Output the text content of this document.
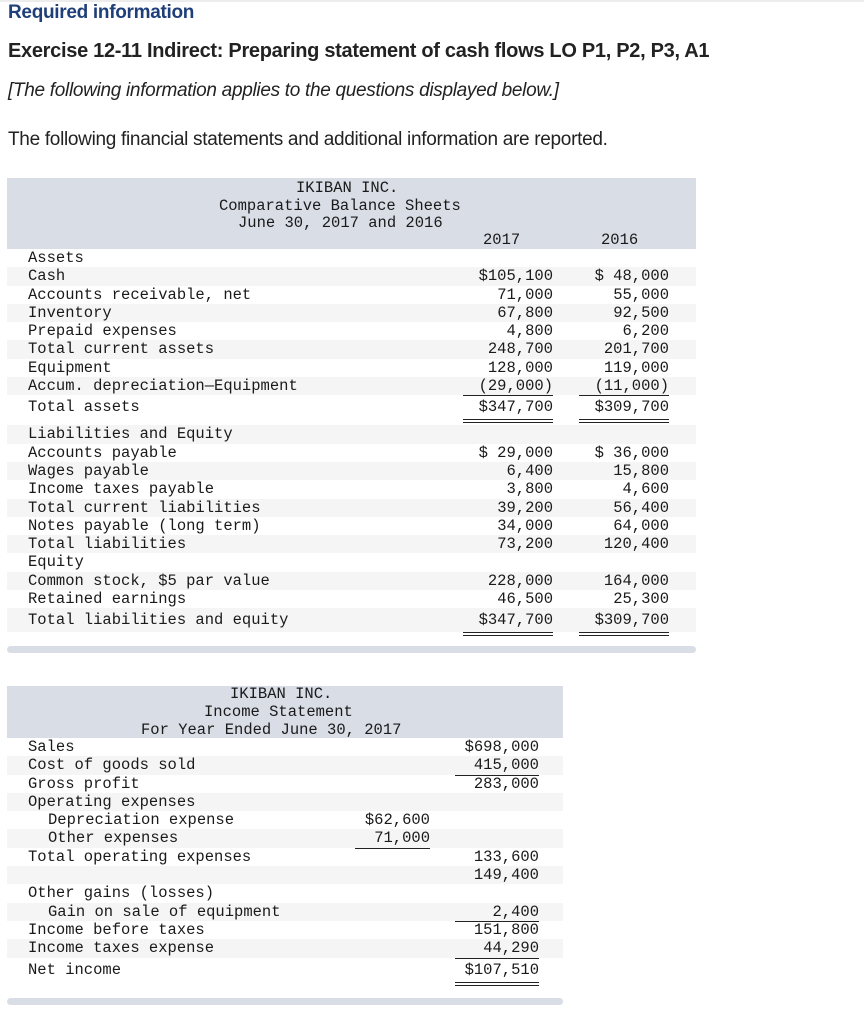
Required information
Exercise 12-11 Indirect: Preparing statement of cash flows LO P1, P2, P3, A1
[The following information applies to the questions displayed below.]
The following financial statements and additional information are reported.
IKIBAN INC.
Comparative Balance Sheets
June 30, 2017 and 2016
2017	2016
Assets
Cash	$105,100	$ 48,000
Accounts receivable, net	71,000	55,000
Inventory	67,800	92,500
Prepaid expenses	4,800	6,200
Total current assets	248,700	201,700
Equipment	128,000	119,000
Accum. depreciation—Equipment	(29,000)	(11,000)
Total assets	$347,700	$309,700
Liabilities and Equity
Accounts payable	$ 29,000	$ 36,000
Wages payable	6,400	15,800
Income taxes payable	3,800	4,600
Total current liabilities	39,200	56,400
Notes payable (long term)	34,000	64,000
Total liabilities	73,200	120,400
Equity
Common stock, $5 par value	228,000	164,000
Retained earnings	46,500	25,300
Total liabilities and equity	$347,700	$309,700
IKIBAN INC.
Income Statement
For Year Ended June 30, 2017
Sales	$698,000
Cost of goods sold	415,000
Gross profit	283,000
Operating expenses
Depreciation expense	$62,600
Other expenses	71,000
Total operating expenses	133,600
149,400
Other gains (losses)
Gain on sale of equipment	2,400
Income before taxes	151,800
Income taxes expense	44,290
Net income	$107,510
